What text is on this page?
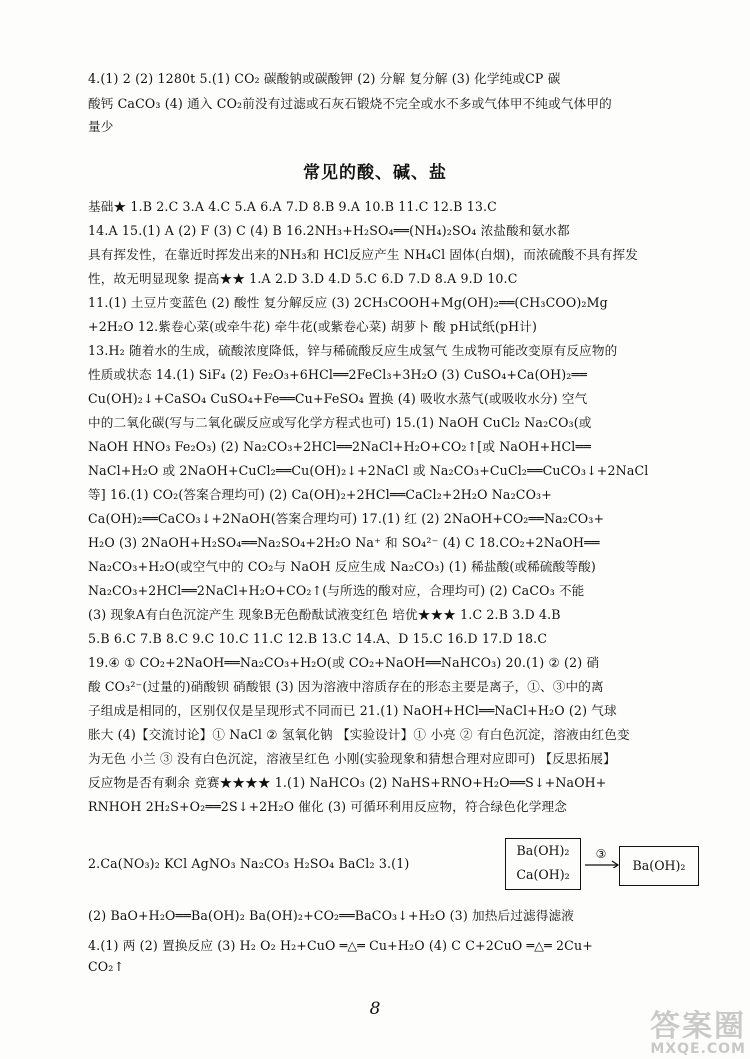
4.(1) 2 (2) 1280t 5.(1) CO₂ 碳酸钠或碳酸钾 (2) 分解 复分解 (3) 化学纯或CP 碳
酸钙 CaCO₃ (4) 通入 CO₂前没有过滤或石灰石锻烧不完全或水不多或气体甲不纯或气体甲的
量少
常见的酸、碱、盐
基础★ 1.B 2.C 3.A 4.C 5.A 6.A 7.D 8.B 9.A 10.B 11.C 12.B 13.C
14.A 15.(1) A (2) F (3) C (4) B 16.2NH₃+H₂SO₄══(NH₄)₂SO₄ 浓盐酸和氨水都
具有挥发性，在靠近时挥发出来的NH₃和 HCl反应产生 NH₄Cl 固体(白烟)，而浓硫酸不具有挥发
性，故无明显现象 提高★★ 1.A 2.D 3.D 4.D 5.C 6.D 7.D 8.A 9.D 10.C
11.(1) 土豆片变蓝色 (2) 酸性 复分解反应 (3) 2CH₃COOH+Mg(OH)₂══(CH₃COO)₂Mg
+2H₂O 12.紫卷心菜(或牵牛花) 牵牛花(或紫卷心菜) 胡萝卜 酸 pH试纸(pH计)
13.H₂ 随着水的生成，硫酸浓度降低，锌与稀硫酸反应生成氢气 生成物可能改变原有反应物的
性质或状态 14.(1) SiF₄ (2) Fe₂O₃+6HCl══2FeCl₃+3H₂O (3) CuSO₄+Ca(OH)₂══
Cu(OH)₂↓+CaSO₄ CuSO₄+Fe══Cu+FeSO₄ 置换 (4) 吸收水蒸气(或吸收水分) 空气
中的二氧化碳(写与二氧化碳反应或写化学方程式也可) 15.(1) NaOH CuCl₂ Na₂CO₃(或
NaOH HNO₃ Fe₂O₃) (2) Na₂CO₃+2HCl══2NaCl+H₂O+CO₂↑[或 NaOH+HCl══
NaCl+H₂O 或 2NaOH+CuCl₂══Cu(OH)₂↓+2NaCl 或 Na₂CO₃+CuCl₂══CuCO₃↓+2NaCl
等] 16.(1) CO₂(答案合理均可) (2) Ca(OH)₂+2HCl══CaCl₂+2H₂O Na₂CO₃+
Ca(OH)₂══CaCO₃↓+2NaOH(答案合理均可) 17.(1) 红 (2) 2NaOH+CO₂══Na₂CO₃+
H₂O (3) 2NaOH+H₂SO₄══Na₂SO₄+2H₂O Na⁺ 和 SO₄²⁻ (4) C 18.CO₂+2NaOH══
Na₂CO₃+H₂O(或空气中的 CO₂与 NaOH 反应生成 Na₂CO₃) (1) 稀盐酸(或稀硫酸等酸)
Na₂CO₃+2HCl══2NaCl+H₂O+CO₂↑(与所选的酸对应，合理均可) (2) CaCO₃ 不能
(3) 现象A有白色沉淀产生 现象B无色酚酞试液变红色 培优★★★ 1.C 2.B 3.D 4.B
5.B 6.C 7.B 8.C 9.C 10.C 11.C 12.B 13.C 14.A、D 15.C 16.D 17.D 18.C
19.④ ① CO₂+2NaOH══Na₂CO₃+H₂O(或 CO₂+NaOH══NaHCO₃) 20.(1) ② (2) 硝
酸 CO₃²⁻(过量的)硝酸钡 硝酸银 (3) 因为溶液中溶质存在的形态主要是离子，①、③中的离
子组成是相同的，区别仅仅是呈现形式不同而已 21.(1) NaOH+HCl══NaCl+H₂O (2) 气球
胀大 (4)【交流讨论】① NaCl ② 氢氧化钠 【实验设计】① 小亮 ② 有白色沉淀，溶液由红色变
为无色 小兰 ③ 没有白色沉淀，溶液呈红色 小刚(实验现象和猜想合理对应即可) 【反思拓展】
反应物是否有剩余 竞赛★★★★ 1.(1) NaHCO₃ (2) NaHS+RNO+H₂O══S↓+NaOH+
RNHOH 2H₂S+O₂══2S↓+2H₂O 催化 (3) 可循环利用反应物，符合绿色化学理念
2.Ca(NO₃)₂ KCl AgNO₃ Na₂CO₃ H₂SO₄ BaCl₂ 3.(1)
Ba(OH)₂
Ca(OH)₂
③
Ba(OH)₂
(2) BaO+H₂O══Ba(OH)₂ Ba(OH)₂+CO₂══BaCO₃↓+H₂O (3) 加热后过滤得滤液
4.(1) 两 (2) 置换反应 (3) H₂ O₂ H₂+CuO ═△═ Cu+H₂O (4) C C+2CuO ═△═ 2Cu+
CO₂↑
8	答案圈
MXQE.COM
